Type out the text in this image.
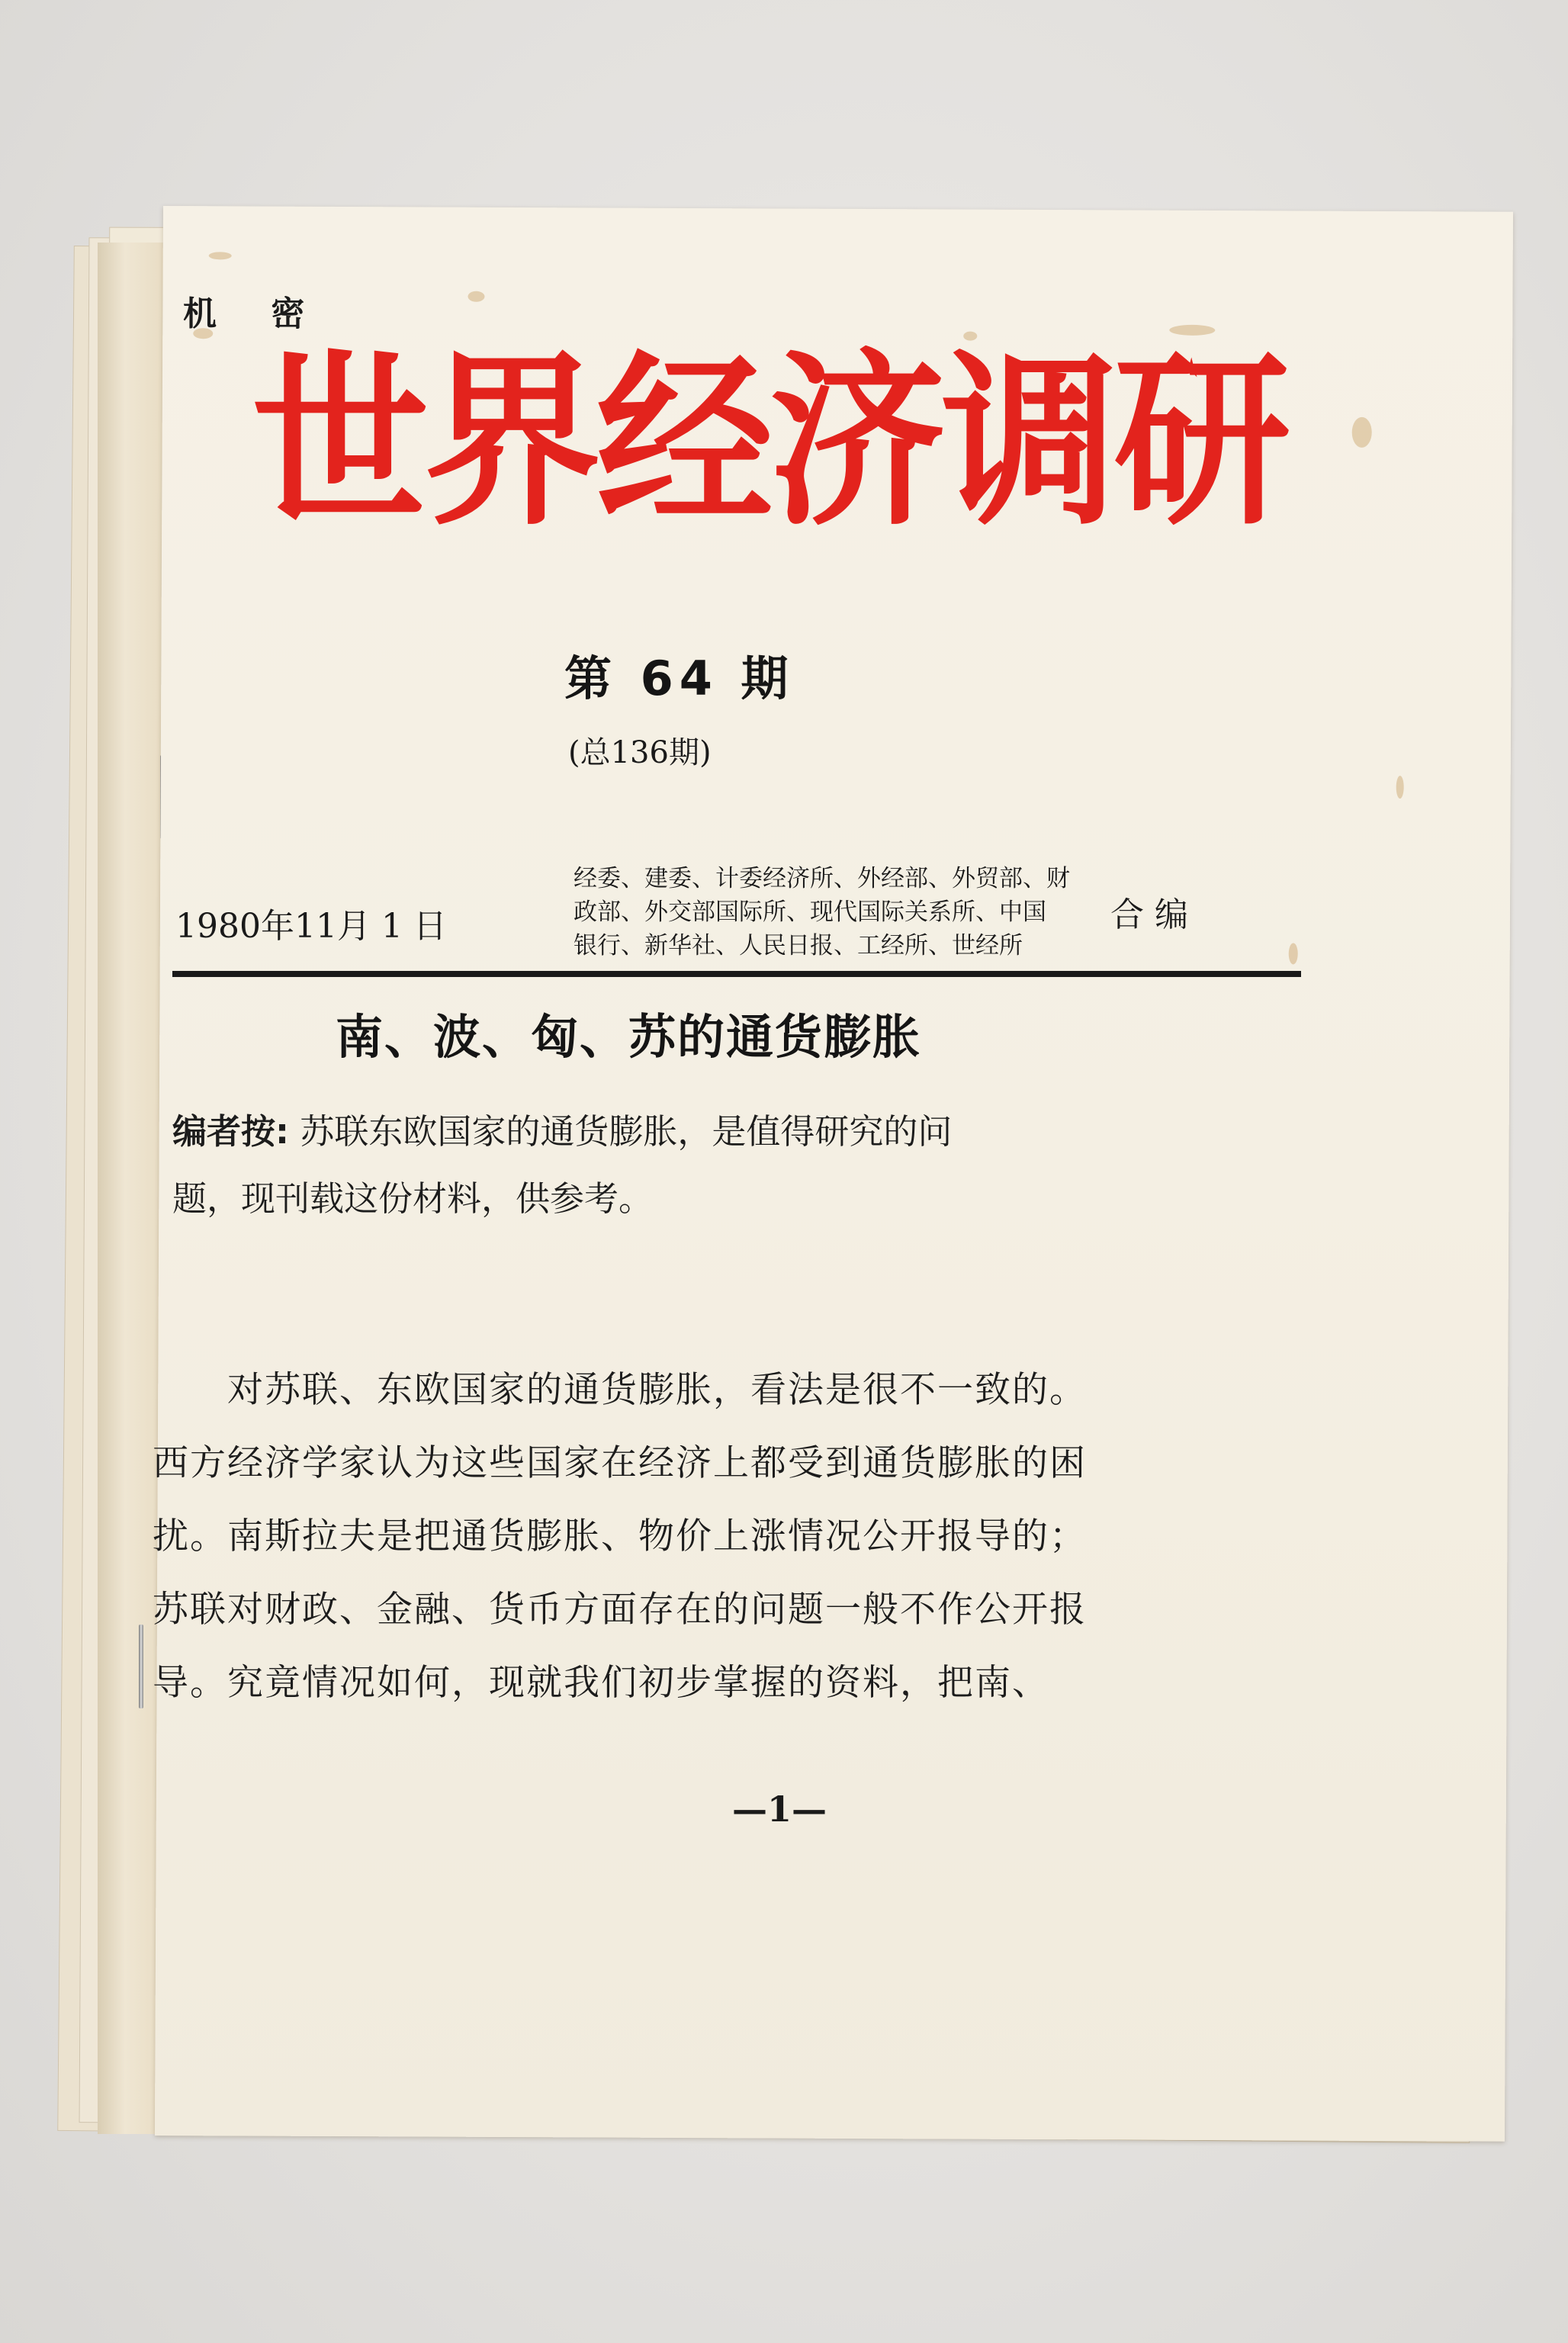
机 密
世界经济调研
第 64 期
(总136期)
1980年11月 1 日
经委、建委、计委经济所、外经部、外贸部、财
政部、外交部国际所、现代国际关系所、中国
银行、新华社、人民日报、工经所、世经所
合 编
南、波、匈、苏的通货膨胀
编者按: 苏联东欧国家的通货膨胀，是值得研究的问
题，现刊载这份材料，供参考。
　　对苏联、东欧国家的通货膨胀，看法是很不一致的。
西方经济学家认为这些国家在经济上都受到通货膨胀的困
扰。南斯拉夫是把通货膨胀、物价上涨情况公开报导的；
苏联对财政、金融、货币方面存在的问题一般不作公开报
导。究竟情况如何，现就我们初步掌握的资料，把南、
—1—
